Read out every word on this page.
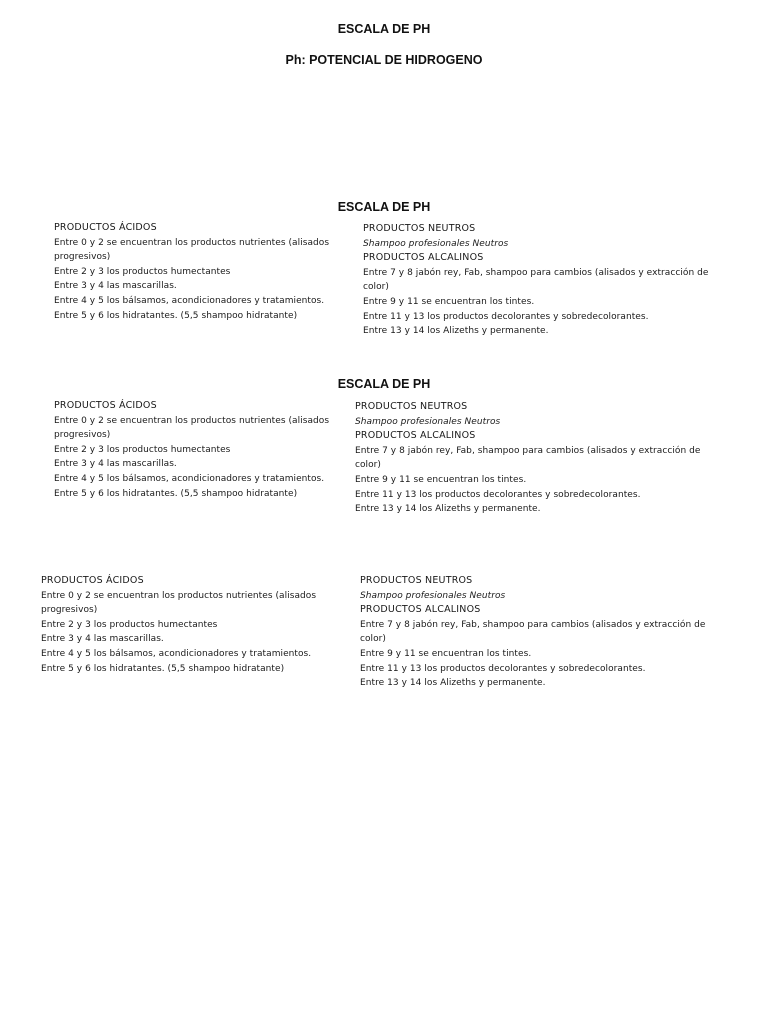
ESCALA DE PH
Ph: POTENCIAL DE HIDROGENO
ESCALA DE PH
PRODUCTOS ÁCIDOS
Entre 0 y 2 se encuentran los productos nutrientes (alisados progresivos)
Entre 2 y 3 los productos humectantes
Entre 3 y 4 las mascarillas.
Entre 4 y 5 los bálsamos, acondicionadores y tratamientos.
Entre 5 y 6 los hidratantes. (5,5 shampoo hidratante)
PRODUCTOS NEUTROS
Shampoo profesionales Neutros
PRODUCTOS ALCALINOS
Entre 7 y 8 jabón rey, Fab, shampoo para cambios (alisados y extracción de color)
Entre 9 y 11 se encuentran los tintes.
Entre 11 y 13 los productos decolorantes y sobredecolorantes.
Entre 13 y 14 los Alizeths y permanente.
ESCALA DE PH
PRODUCTOS ÁCIDOS
Entre 0 y 2 se encuentran los productos nutrientes (alisados progresivos)
Entre 2 y 3 los productos humectantes
Entre 3 y 4 las mascarillas.
Entre 4 y 5 los bálsamos, acondicionadores y tratamientos.
Entre 5 y 6 los hidratantes. (5,5 shampoo hidratante)
PRODUCTOS NEUTROS
Shampoo profesionales Neutros
PRODUCTOS ALCALINOS
Entre 7 y 8 jabón rey, Fab, shampoo para cambios (alisados y extracción de color)
Entre 9 y 11 se encuentran los tintes.
Entre 11 y 13 los productos decolorantes y sobredecolorantes.
Entre 13 y 14 los Alizeths y permanente.
PRODUCTOS ÁCIDOS
Entre 0 y 2 se encuentran los productos nutrientes (alisados progresivos)
Entre 2 y 3 los productos humectantes
Entre 3 y 4 las mascarillas.
Entre 4 y 5 los bálsamos, acondicionadores y tratamientos.
Entre 5 y 6 los hidratantes. (5,5 shampoo hidratante)
PRODUCTOS NEUTROS
Shampoo profesionales Neutros
PRODUCTOS ALCALINOS
Entre 7 y 8 jabón rey, Fab, shampoo para cambios (alisados y extracción de color)
Entre 9 y 11 se encuentran los tintes.
Entre 11 y 13 los productos decolorantes y sobredecolorantes.
Entre 13 y 14 los Alizeths y permanente.
